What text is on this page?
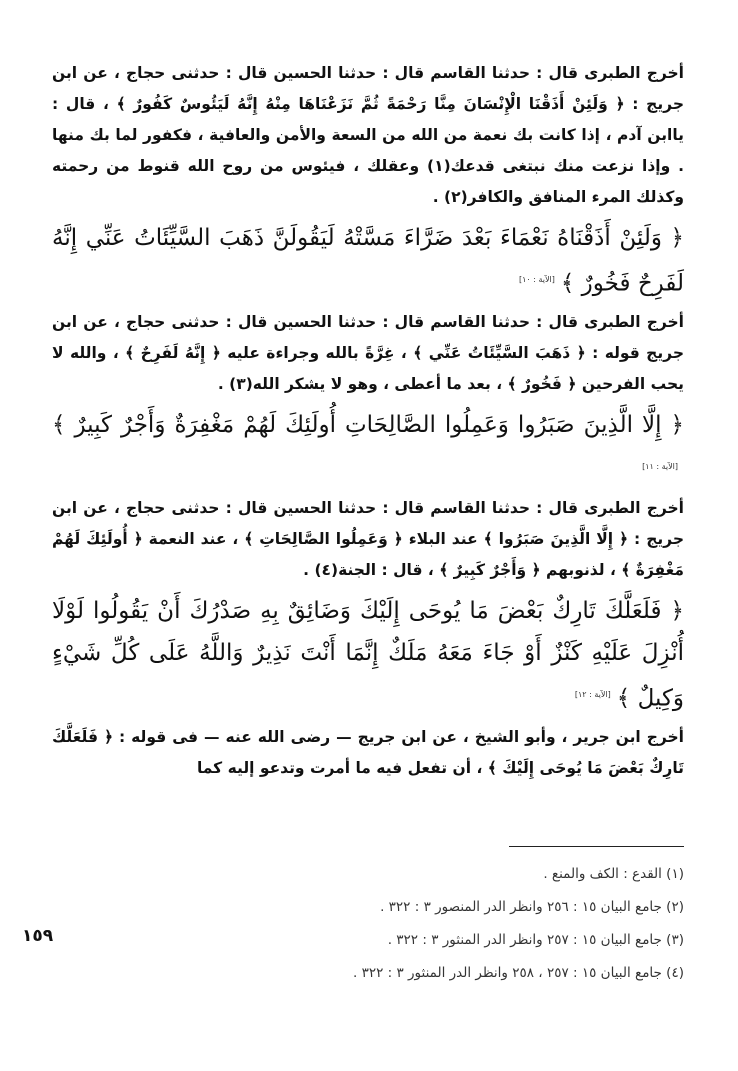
أخرج الطبرى قال : حدثنا القاسم قال : حدثنا الحسين قال : حدثنى حجاج ، عن ابن جريج : ﴿ وَلَئِنْ أَذَقْنَا الْإِنْسَانَ مِنَّا رَحْمَةً ثُمَّ نَزَعْنَاهَا مِنْهُ إِنَّهُ لَيَئُوسٌ كَفُورٌ ﴾ ، قال : ياابن آدم ، إذا كانت بك نعمة من الله من السعة والأمن والعافية ، فكفور لما بك منها . وإذا نزعت منك نبتغى قدعك(١) وعقلك ، فيئوس من روح الله قنوط من رحمته وكذلك المرء المنافق والكافر(٢) .

﴿ وَلَئِنْ أَذَقْنَاهُ نَعْمَاءَ بَعْدَ ضَرَّاءَ مَسَّتْهُ لَيَقُولَنَّ ذَهَبَ السَّيِّئَاتُ عَنِّي إِنَّهُ لَفَرِحٌ فَخُورٌ ﴾[الآية : ١٠]

أخرج الطبرى قال : حدثنا القاسم قال : حدثنا الحسين قال : حدثنى حجاج ، عن ابن جريج قوله : ﴿ ذَهَبَ السَّيِّئَاتُ عَنِّي ﴾ ، غِرَّةً بالله وجراءة عليه ﴿ إِنَّهُ لَفَرِحٌ ﴾ ، والله لا يحب الفرحين ﴿ فَخُورٌ ﴾ ، بعد ما أعطى ، وهو لا يشكر الله(٣) .

﴿ إِلَّا الَّذِينَ صَبَرُوا وَعَمِلُوا الصَّالِحَاتِ أُولَئِكَ لَهُمْ مَغْفِرَةٌ وَأَجْرٌ كَبِيرٌ ﴾[الآية : ١١]

أخرج الطبرى قال : حدثنا القاسم قال : حدثنا الحسين قال : حدثنى حجاج ، عن ابن جريج : ﴿ إِلَّا الَّذِينَ صَبَرُوا ﴾ عند البلاء ﴿ وَعَمِلُوا الصَّالِحَاتِ ﴾ ، عند النعمة ﴿ أُولَئِكَ لَهُمْ مَغْفِرَةٌ ﴾ ، لذنوبهم ﴿ وَأَجْرٌ كَبِيرٌ ﴾ ، قال : الجنة(٤) .

﴿ فَلَعَلَّكَ تَارِكٌ بَعْضَ مَا يُوحَى إِلَيْكَ وَضَائِقٌ بِهِ صَدْرُكَ أَنْ يَقُولُوا لَوْلَا أُنْزِلَ عَلَيْهِ كَنْزٌ أَوْ جَاءَ مَعَهُ مَلَكٌ إِنَّمَا أَنْتَ نَذِيرٌ وَاللَّهُ عَلَى كُلِّ شَيْءٍ وَكِيلٌ ﴾[الآية : ١٢]

أخرج ابن جرير ، وأبو الشيخ ، عن ابن جريج — رضى الله عنه — فى قوله : ﴿ فَلَعَلَّكَ تَارِكٌ بَعْضَ مَا يُوحَى إِلَيْكَ ﴾ ، أن تفعل فيه ما أمرت وتدعو إليه كما

(١) القدع : الكف والمنع .
(٢) جامع البيان ١٥ : ٢٥٦ وانظر الدر المنصور ٣ : ٣٢٢ .
(٣) جامع البيان ١٥ : ٢٥٧ وانظر الدر المنثور ٣ : ٣٢٢ .
(٤) جامع البيان ١٥ : ٢٥٧ ، ٢٥٨ وانظر الدر المنثور ٣ : ٣٢٢ .
١٥٩
